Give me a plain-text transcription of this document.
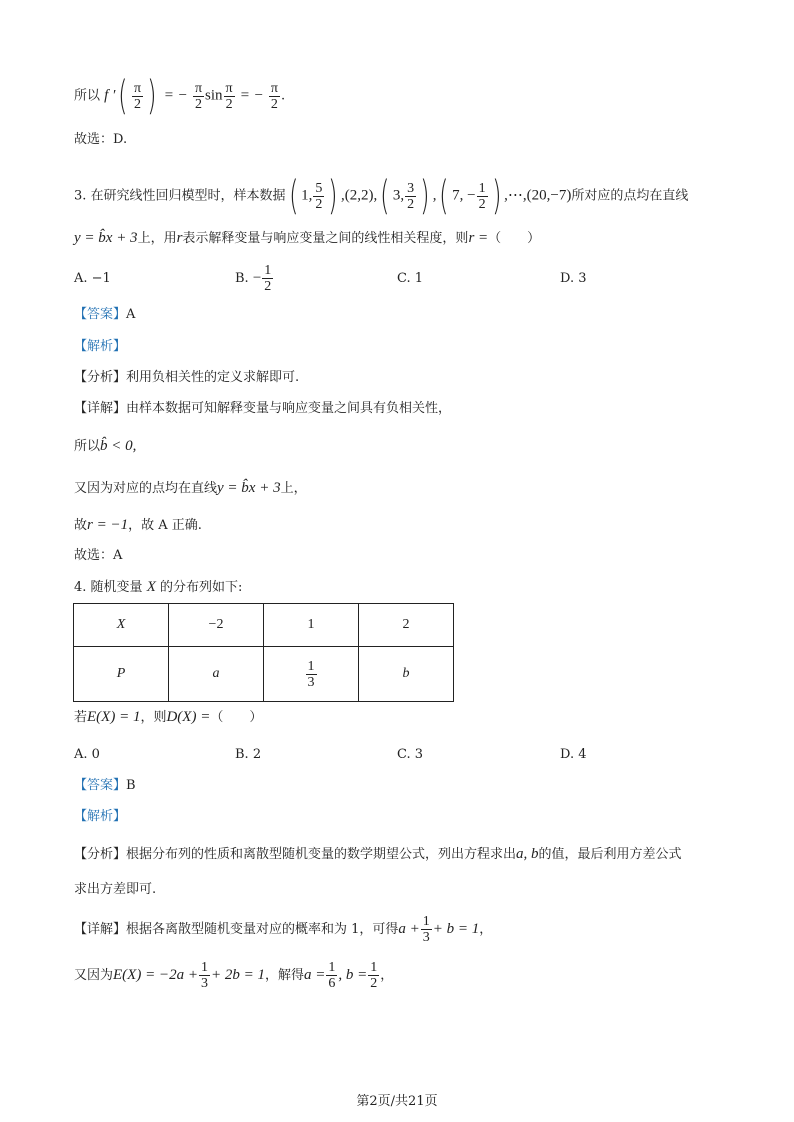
所以 f ′( $\frac{\pi}{2}$ ) = − $\frac{\pi}{2}$ $\sin \frac{\pi}{2}$ = − $\frac{\pi}{2}$ .
故选：D.
3. 在研究线性回归模型时，样本数据( 1, $\frac{5}{2}$ ) ,(2,2),( 3, $\frac{3}{2}$ ) ,( 7, − $\frac{1}{2}$ ) ,⋯,(20,−7)所对应的点均在直线
y = b̂x + 3上，用r表示解释变量与响应变量之间的线性相关程度，则r =（　　）
A. −1	B. − $\frac{1}{2}$	C. 1	D. 3
【答案】A
【解析】
【分析】利用负相关性的定义求解即可.
【详解】由样本数据可知解释变量与响应变量之间具有负相关性，
所以b̂ < 0,
又因为对应的点均在直线y = b̂x + 3上，
故r = −1，故 A 正确.
故选：A
4. 随机变量 X 的分布列如下:
X	−2	1	2
P	a	$\frac{1}{3}$	b
若E(X) = 1，则D(X) =（　　）
A. 0	B. 2	C. 3	D. 4
【答案】B
【解析】
【分析】根据分布列的性质和离散型随机变量的数学期望公式，列出方程求出a, b的值，最后利用方差公式
求出方差即可.
【详解】根据各离散型随机变量对应的概率和为 1，可得$a + \frac{1}{3} + b = 1$，
又因为$E(X) = -2a + \frac{1}{3} + 2b = 1$，解得$a = \frac{1}{6}$ , $b = \frac{1}{2}$ ，
第2页/共21页
